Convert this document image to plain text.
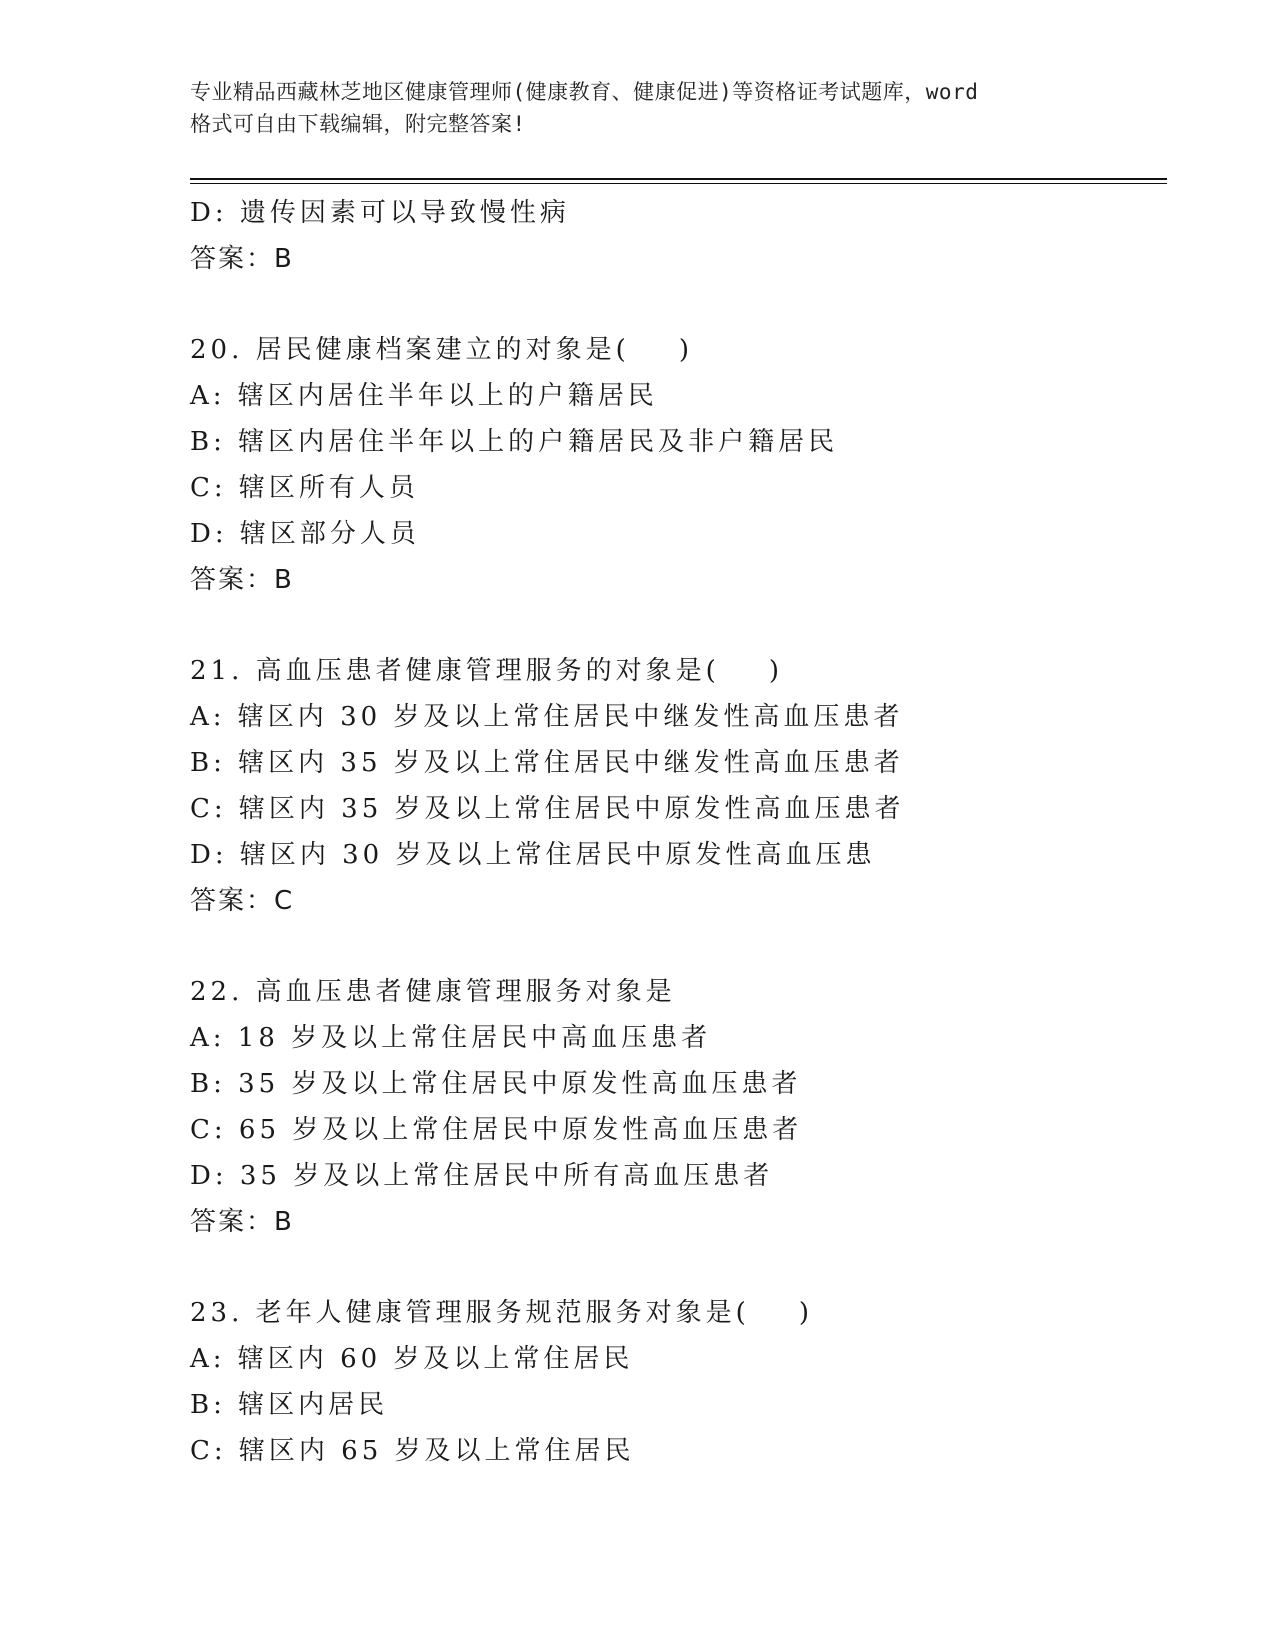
专业精品西藏林芝地区健康管理师(健康教育、健康促进)等资格证考试题库，word
格式可自由下载编辑，附完整答案!
D: 遗传因素可以导致慢性病
答案：B
20. 居民健康档案建立的对象是(    )
A: 辖区内居住半年以上的户籍居民
B: 辖区内居住半年以上的户籍居民及非户籍居民
C: 辖区所有人员
D: 辖区部分人员
答案：B
21. 高血压患者健康管理服务的对象是(    )
A: 辖区内 30 岁及以上常住居民中继发性高血压患者
B: 辖区内 35 岁及以上常住居民中继发性高血压患者
C: 辖区内 35 岁及以上常住居民中原发性高血压患者
D: 辖区内 30 岁及以上常住居民中原发性高血压患
答案：C
22. 高血压患者健康管理服务对象是
A: 18 岁及以上常住居民中高血压患者
B: 35 岁及以上常住居民中原发性高血压患者
C: 65 岁及以上常住居民中原发性高血压患者
D: 35 岁及以上常住居民中所有高血压患者
答案：B
23. 老年人健康管理服务规范服务对象是(    )
A: 辖区内 60 岁及以上常住居民
B: 辖区内居民
C: 辖区内 65 岁及以上常住居民
